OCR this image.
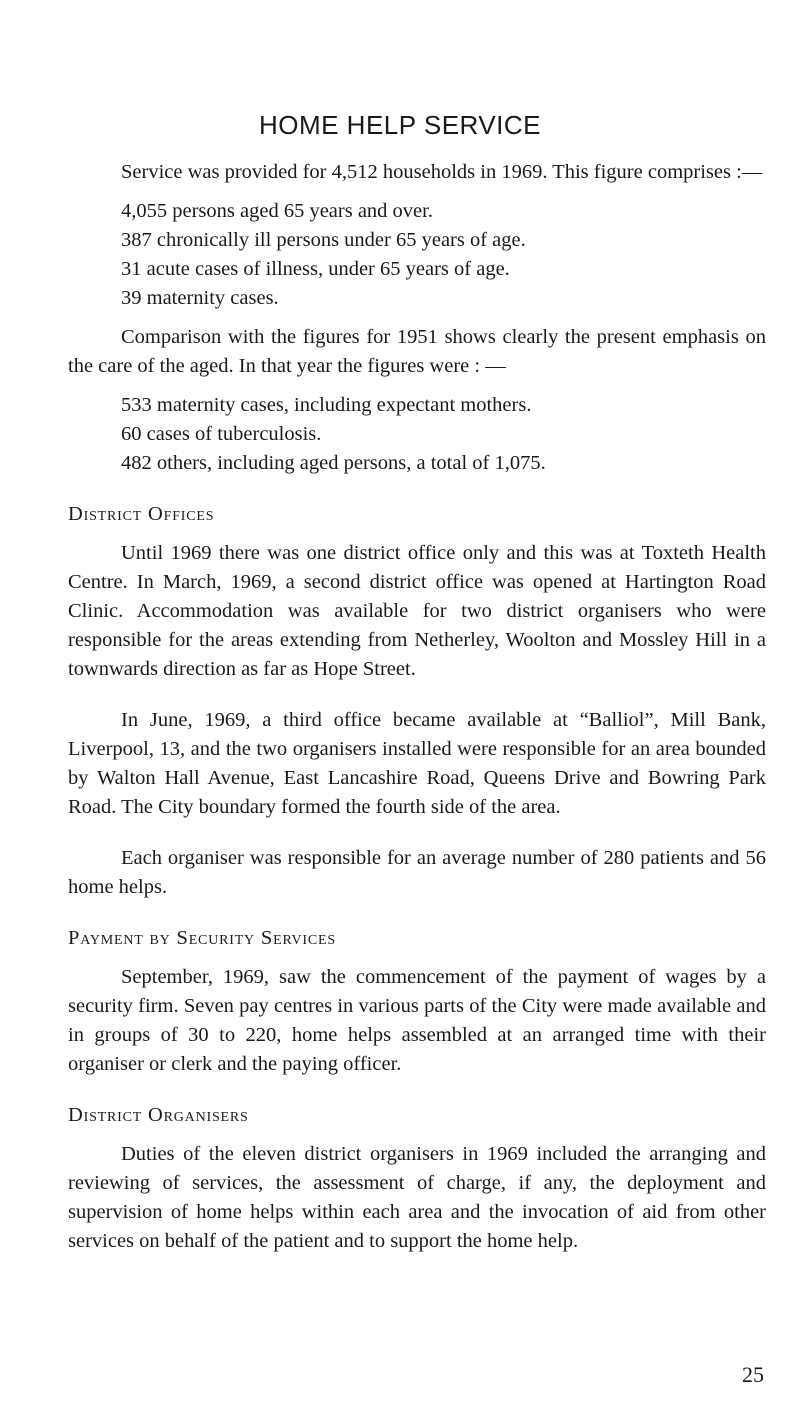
HOME HELP SERVICE

Service was provided for 4,512 households in 1969. This figure comprises :—

4,055 persons aged 65 years and over.
387 chronically ill persons under 65 years of age.
31 acute cases of illness, under 65 years of age.
39 maternity cases.

Comparison with the figures for 1951 shows clearly the present emphasis on the care of the aged. In that year the figures were : —

533 maternity cases, including expectant mothers.
60 cases of tuberculosis.
482 others, including aged persons, a total of 1,075.
District Offices

Until 1969 there was one district office only and this was at Toxteth Health Centre. In March, 1969, a second district office was opened at Hartington Road Clinic. Accommodation was available for two district organisers who were responsible for the areas extending from Netherley, Woolton and Mossley Hill in a townwards direction as far as Hope Street.

In June, 1969, a third office became available at “Balliol”, Mill Bank, Liverpool, 13, and the two organisers installed were responsible for an area bounded by Walton Hall Avenue, East Lancashire Road, Queens Drive and Bowring Park Road. The City boundary formed the fourth side of the area.

Each organiser was responsible for an average number of 280 patients and 56 home helps.

Payment by Security Services

September, 1969, saw the commencement of the payment of wages by a security firm. Seven pay centres in various parts of the City were made available and in groups of 30 to 220, home helps assembled at an arranged time with their organiser or clerk and the paying officer.

District Organisers

Duties of the eleven district organisers in 1969 included the arranging and reviewing of services, the assessment of charge, if any, the deployment and supervision of home helps within each area and the invocation of aid from other services on behalf of the patient and to support the home help.

25
